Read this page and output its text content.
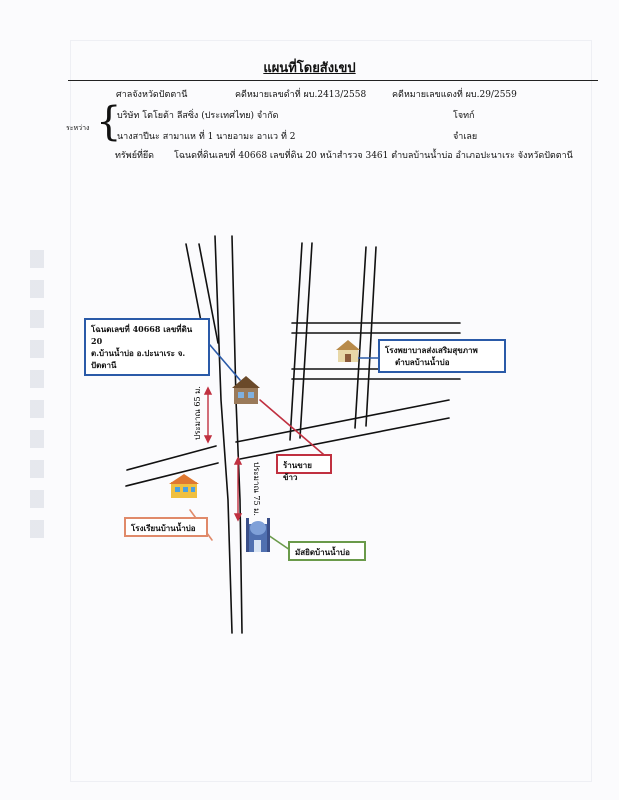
แผนที่โดยสังเขป
ศาลจังหวัดปัตตานี	คดีหมายเลขดำที่ ผบ.2413/2558	คดีหมายเลขแดงที่ ผบ.29/2559
ระหว่าง {
บริษัท โตโยต้า ลีสซิ่ง (ประเทศไทย) จำกัด	โจทก์
นางสาปีนะ สามาแห ที่ 1 นายอามะ อาแว ที่ 2	จำเลย
ทรัพย์ที่ยึด โฉนดที่ดินเลขที่ 40668 เลขที่ดิน 20 หน้าสำรวจ 3461 ตำบลบ้านน้ำบ่อ อำเภอปะนาเระ จังหวัดปัตตานี
ประมาณ 65 ม.
ประมาณ 75 ม.
โฉนดเลขที่ 40668 เลขที่ดิน 20
ต.บ้านน้ำบ่อ อ.ปะนาเระ จ.
ปัตตานี
โรงพยาบาลส่งเสริมสุขภาพ
ตำบลบ้านน้ำบ่อ
ร้านขายข้าว
โรงเรียนบ้านน้ำบ่อ
มัสยิดบ้านน้ำบ่อ
